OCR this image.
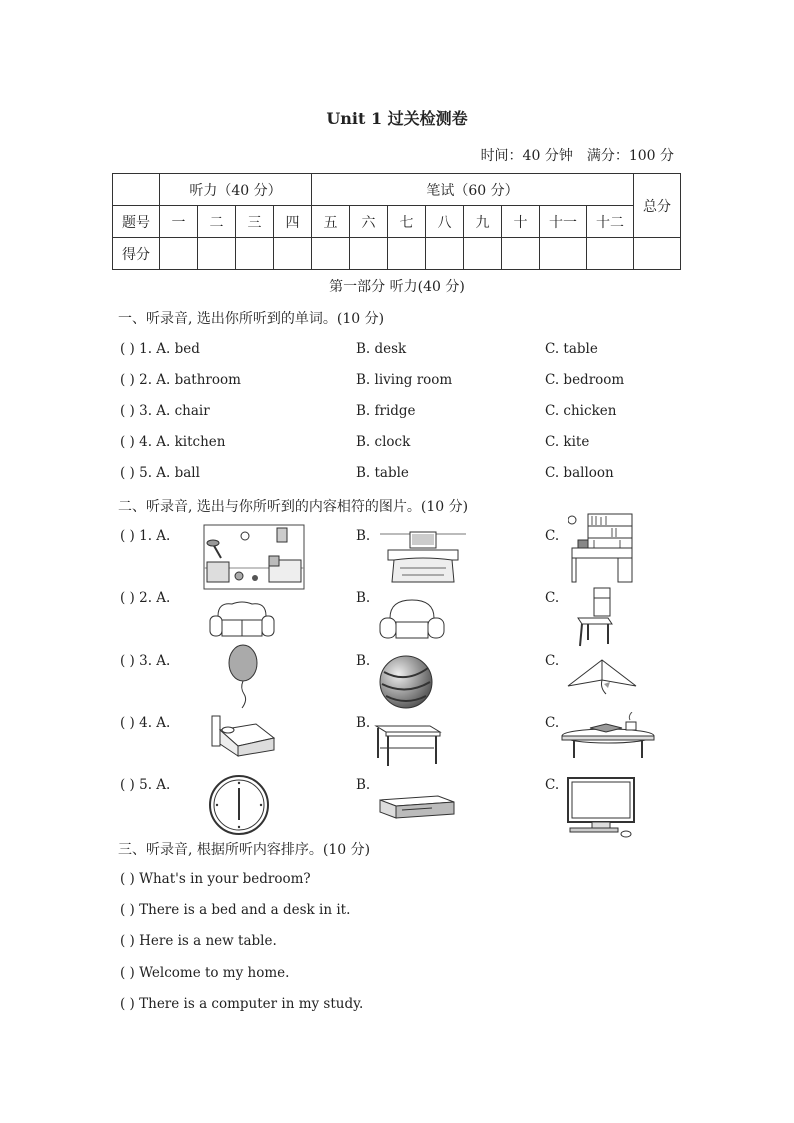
Unit 1 过关检测卷
时间：40 分钟　满分：100 分
	听力（40 分）				笔试（60 分）								总分
题号	一	二	三	四	五	六	七	八	九	十	十一	十二	
得分													
第一部分 听力(40 分)
一、听录音, 选出你所听到的单词。(10 分)
( ) 1. A. bed	B. desk	C. table
( ) 2. A. bathroom	B. living room	C. bedroom
( ) 3. A. chair	B. fridge	C. chicken
( ) 4. A. kitchen	B. clock	C. kite
( ) 5. A. ball	B. table	C. balloon
二、听录音, 选出与你所听到的内容相符的图片。(10 分)
( ) 1. A.	B.	C.
( ) 2. A.	B.	C.
( ) 3. A.	B.	C.
( ) 4. A.	B.	C.
( ) 5. A.	B.	C.
三、听录音, 根据所听内容排序。(10 分)
( ) What's in your bedroom?
( ) There is a bed and a desk in it.
( ) Here is a new table.
( ) Welcome to my home.
( ) There is a computer in my study.
